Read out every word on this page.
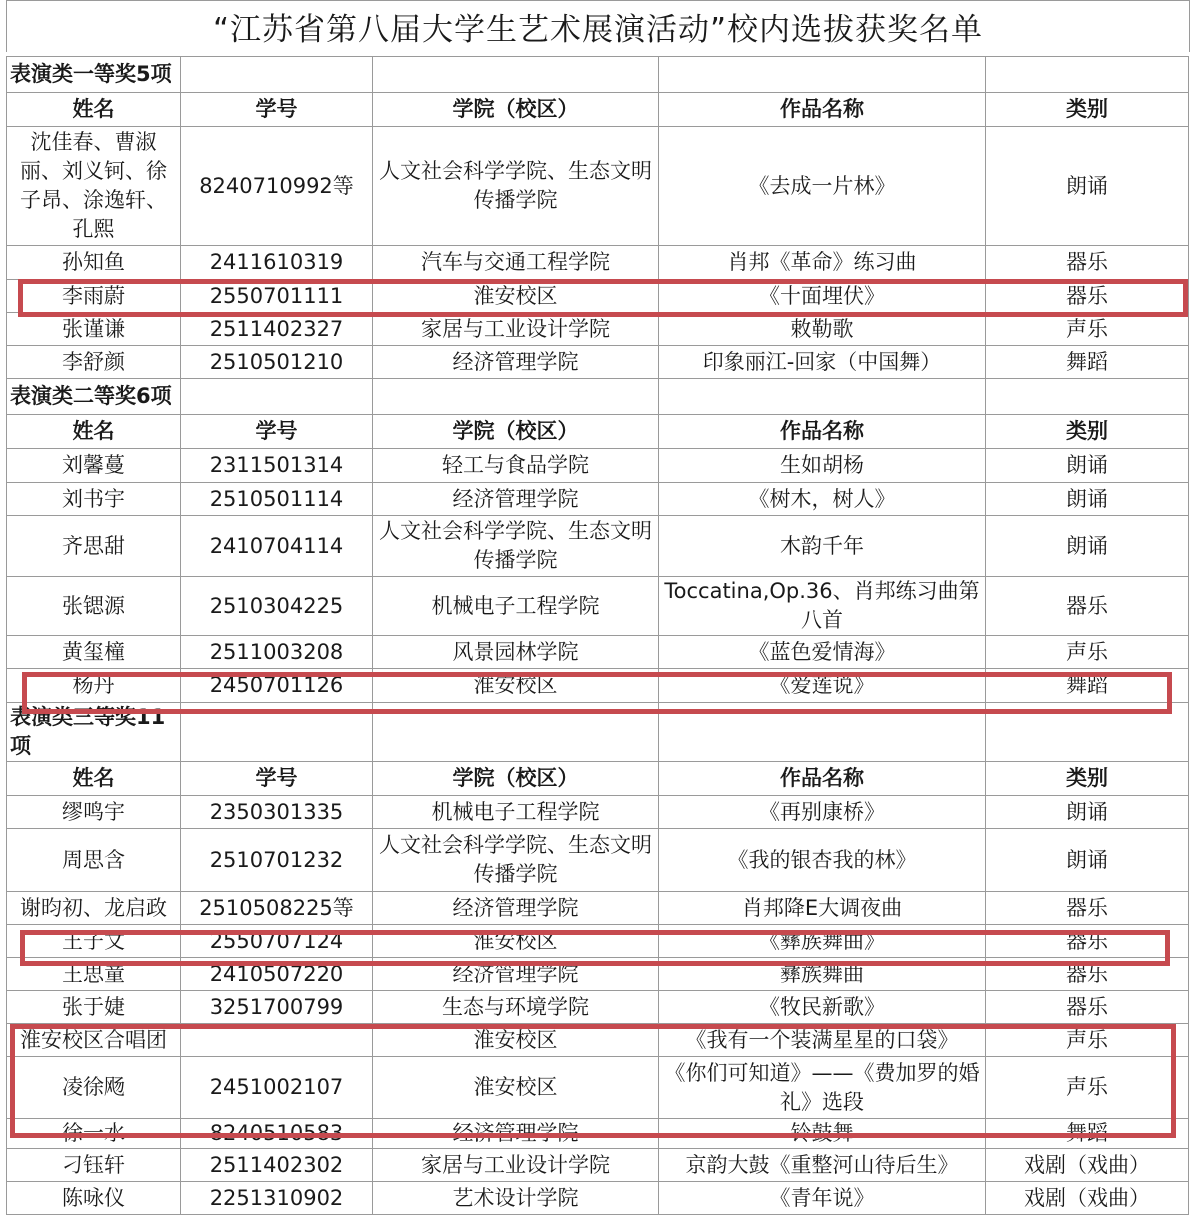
“江苏省第八届大学生艺术展演活动”校内选拔获奖名单
表演类一等奖5项				
姓名	学号	学院（校区）	作品名称	类别
沈佳春、曹淑丽、刘义钶、徐子昂、涂逸轩、孔熙	8240710992等	人文社会科学学院、生态文明传播学院	《去成一片林》	朗诵
孙知鱼	2411610319	汽车与交通工程学院	肖邦《革命》练习曲	器乐
李雨蔚	2550701111	淮安校区	《十面埋伏》	器乐
张谨谦	2511402327	家居与工业设计学院	敕勒歌	声乐
李舒颜	2510501210	经济管理学院	印象丽江-回家（中国舞）	舞蹈
表演类二等奖6项				
姓名	学号	学院（校区）	作品名称	类别
刘馨蔓	2311501314	轻工与食品学院	生如胡杨	朗诵
刘书宇	2510501114	经济管理学院	《树木，树人》	朗诵
齐思甜	2410704114	人文社会科学学院、生态文明传播学院	木韵千年	朗诵
张锶源	2510304225	机械电子工程学院	Toccatina,Op.36、肖邦练习曲第八首	器乐
黄玺橦	2511003208	风景园林学院	《蓝色爱情海》	声乐
杨丹	2450701126	淮安校区	《爱莲说》	舞蹈
表演类三等奖11项				
姓名	学号	学院（校区）	作品名称	类别
缪鸣宇	2350301335	机械电子工程学院	《再别康桥》	朗诵
周思含	2510701232	人文社会科学学院、生态文明传播学院	《我的银杏我的林》	朗诵
谢昀初、龙启政	2510508225等	经济管理学院	肖邦降E大调夜曲	器乐
王子文	2550707124	淮安校区	《彝族舞曲》	器乐
王思童	2410507220	经济管理学院	彝族舞曲	器乐
张于婕	3251700799	生态与环境学院	《牧民新歌》	器乐
淮安校区合唱团		淮安校区	《我有一个装满星星的口袋》	声乐
凌徐飏	2451002107	淮安校区	《你们可知道》——《费加罗的婚礼》选段	声乐
徐一水	8240510583	经济管理学院	铃鼓舞	舞蹈
刁钰轩	2511402302	家居与工业设计学院	京韵大鼓《重整河山待后生》	戏剧（戏曲）
陈咏仪	2251310902	艺术设计学院	《青年说》	戏剧（戏曲）
